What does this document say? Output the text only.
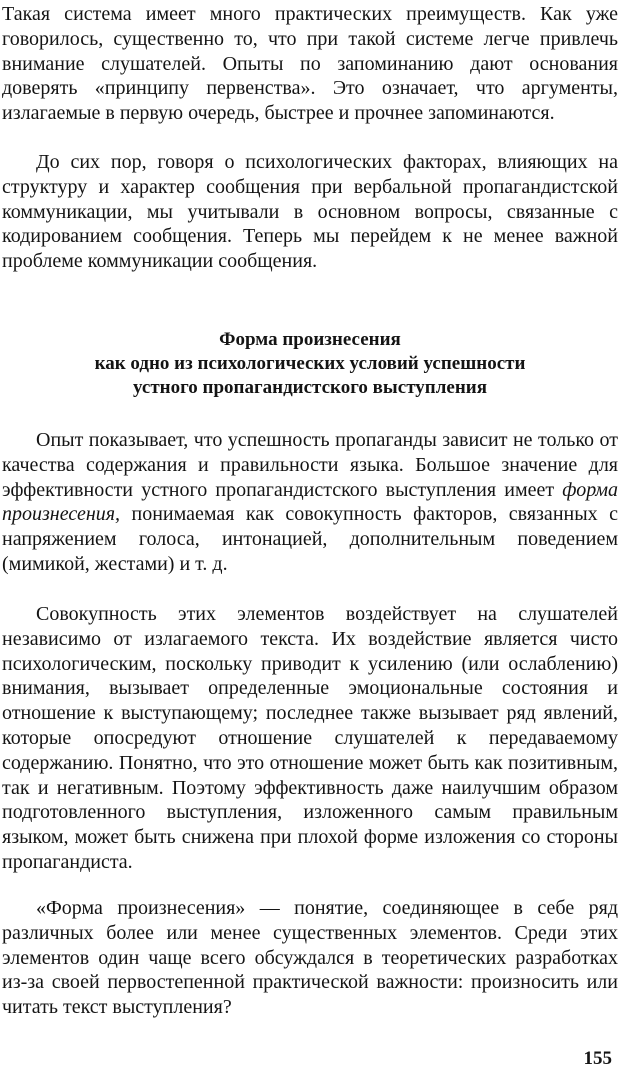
Такая система имеет много практических преимуществ. Как уже говорилось, существенно то, что при такой системе легче привлечь внимание слушателей. Опыты по запоминанию дают основания доверять «принципу первенства». Это означает, что аргументы, излагаемые в первую очередь, быстрее и прочнее запоминаются.

До сих пор, говоря о психологических факторах, влияющих на структуру и характер сообщения при вербальной пропагандистской коммуникации, мы учитывали в основном вопросы, связанные с кодированием сообщения. Теперь мы перейдем к не менее важной проблеме коммуникации сообщения.

Форма произнесения
как одно из психологических условий успешности
устного пропагандистского выступления

Опыт показывает, что успешность пропаганды зависит не только от качества содержания и правильности языка. Большое значение для эффективности устного пропагандистского выступления имеет форма произнесения, понимаемая как совокупность факторов, связанных с напряжением голоса, интонацией, дополнительным поведением (мимикой, жестами) и т. д.

Совокупность этих элементов воздействует на слушателей независимо от излагаемого текста. Их воздействие является чисто психологическим, поскольку приводит к усилению (или ослаблению) внимания, вызывает определенные эмоциональные состояния и отношение к выступающему; последнее также вызывает ряд явлений, которые опосредуют отношение слушателей к передаваемому содержанию. Понятно, что это отношение может быть как позитивным, так и негативным. Поэтому эффективность даже наилучшим образом подготовленного выступления, изложенного самым правильным языком, может быть снижена при плохой форме изложения со стороны пропагандиста.

«Форма произнесения» — понятие, соединяющее в себе ряд различных более или менее существенных элементов. Среди этих элементов один чаще всего обсуждался в теоретических разработках из-за своей первостепенной практической важности: произносить или читать текст выступления?

155
